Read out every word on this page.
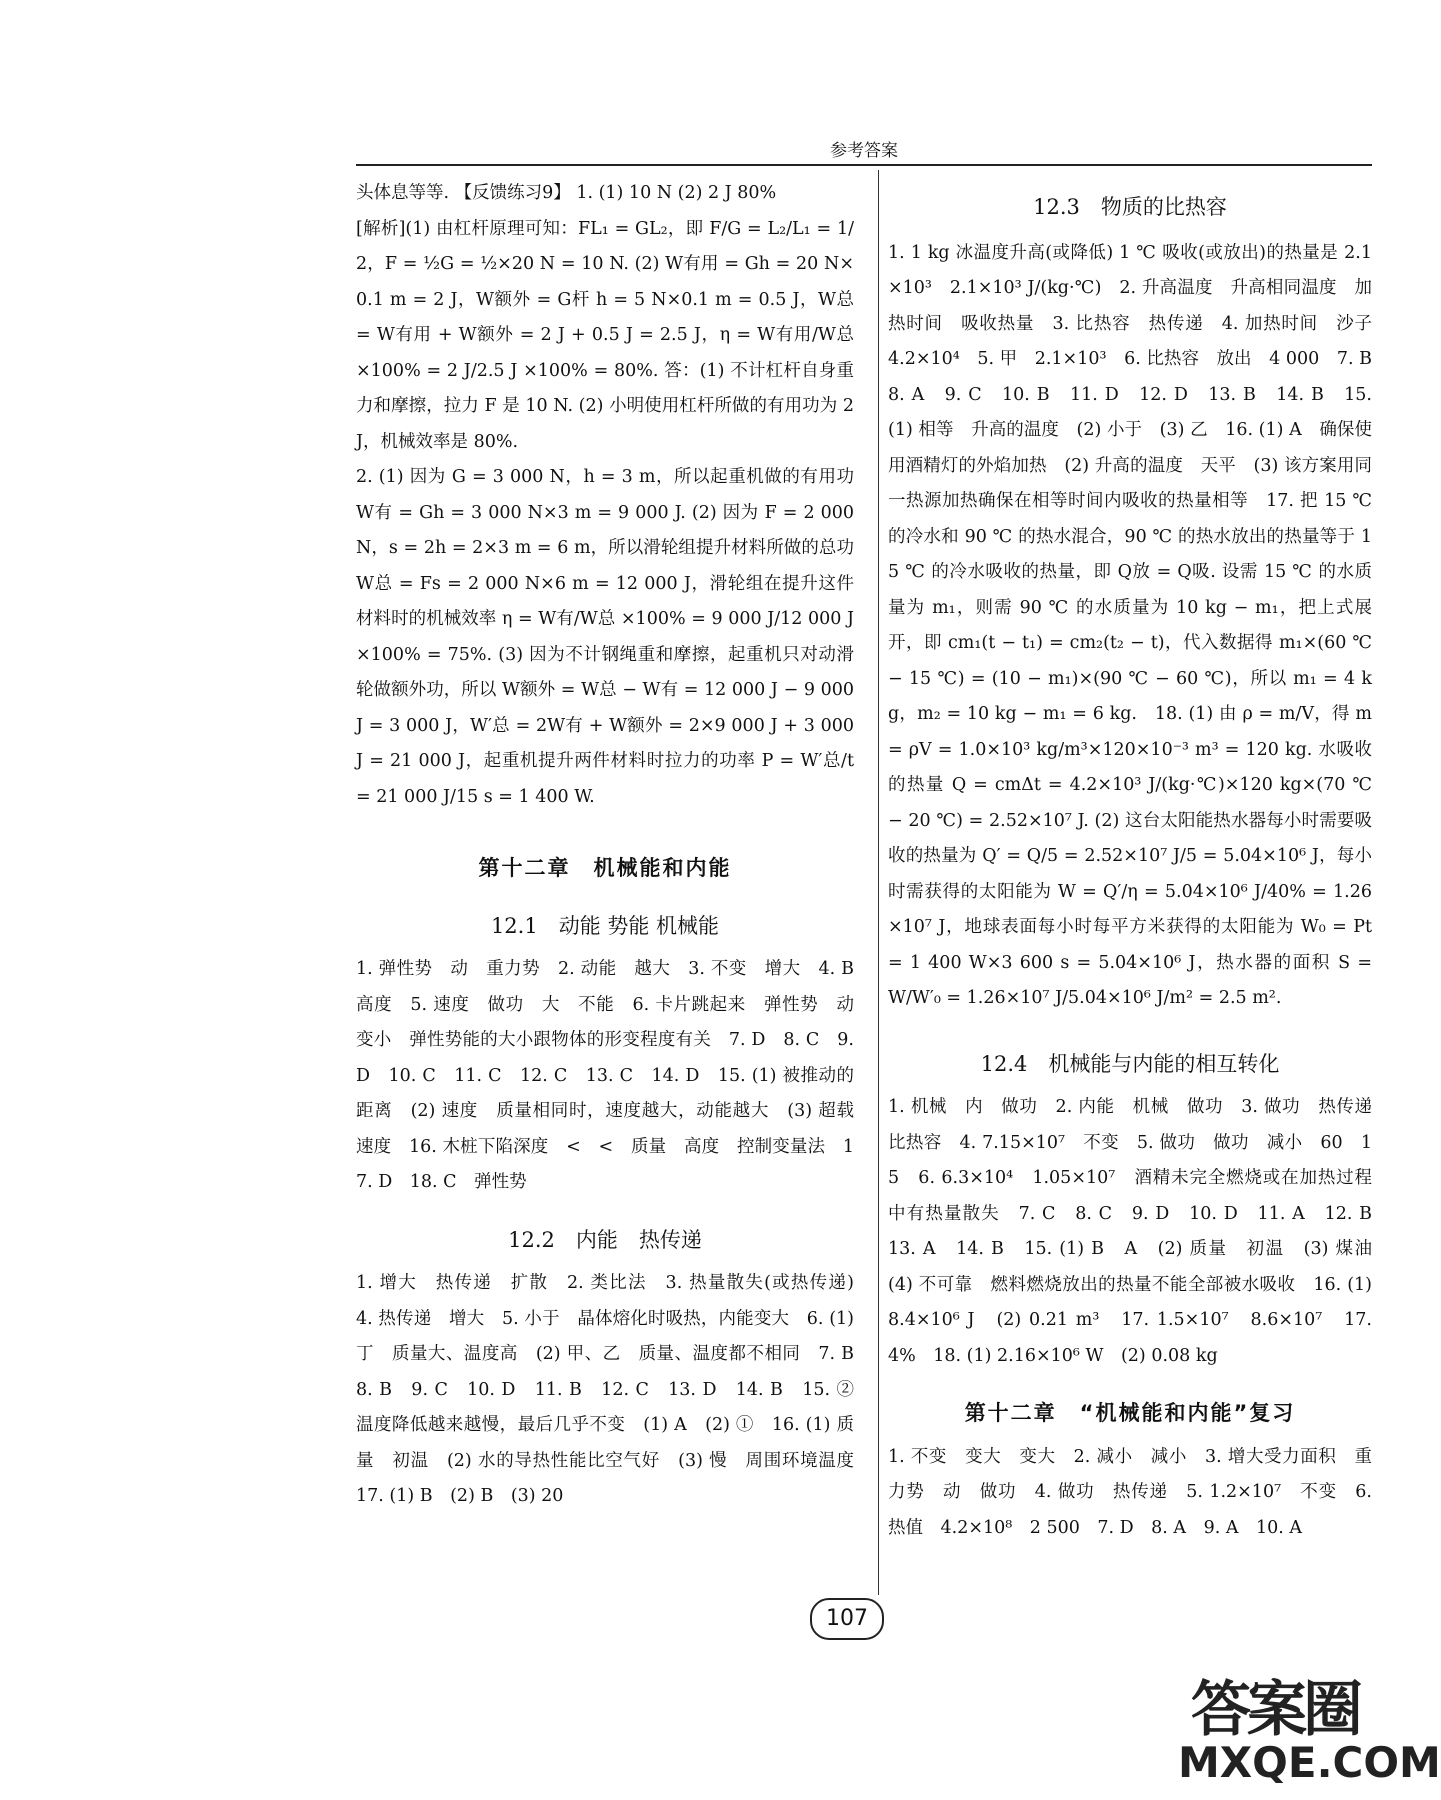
参考答案

头体息等等. 【反馈练习9】 1. (1) 10 N (2) 2 J 80%

[解析](1) 由杠杆原理可知：FL₁ = GL₂，即 F/G = L₂/L₁ = 1/2，F = ½G = ½×20 N = 10 N. (2) W有用 = Gh = 20 N×0.1 m = 2 J，W额外 = G杆 h = 5 N×0.1 m = 0.5 J，W总 = W有用 + W额外 = 2 J + 0.5 J = 2.5 J，η = W有用/W总 ×100% = 2 J/2.5 J ×100% = 80%. 答：(1) 不计杠杆自身重力和摩擦，拉力 F 是 10 N. (2) 小明使用杠杆所做的有用功为 2 J，机械效率是 80%.

2. (1) 因为 G = 3 000 N，h = 3 m，所以起重机做的有用功 W有 = Gh = 3 000 N×3 m = 9 000 J. (2) 因为 F = 2 000 N，s = 2h = 2×3 m = 6 m，所以滑轮组提升材料所做的总功 W总 = Fs = 2 000 N×6 m = 12 000 J，滑轮组在提升这件材料时的机械效率 η = W有/W总 ×100% = 9 000 J/12 000 J ×100% = 75%. (3) 因为不计钢绳重和摩擦，起重机只对动滑轮做额外功，所以 W额外 = W总 − W有 = 12 000 J − 9 000 J = 3 000 J，W′总 = 2W有 + W额外 = 2×9 000 J + 3 000 J = 21 000 J，起重机提升两件材料时拉力的功率 P = W′总/t = 21 000 J/15 s = 1 400 W.

第十二章　机械能和内能

12.1　动能 势能 机械能

1. 弹性势　动　重力势　2. 动能　越大　3. 不变　增大　4. B　高度　5. 速度　做功　大　不能　6. 卡片跳起来　弹性势　动　变小　弹性势能的大小跟物体的形变程度有关　7. D　8. C　9. D　10. C　11. C　12. C　13. C　14. D　15. (1) 被推动的距离　(2) 速度　质量相同时，速度越大，动能越大　(3) 超载　速度　16. 木桩下陷深度　<　<　质量　高度　控制变量法　17. D　18. C　弹性势

12.2　内能　热传递

1. 增大　热传递　扩散　2. 类比法　3. 热量散失(或热传递)　4. 热传递　增大　5. 小于　晶体熔化时吸热，内能变大　6. (1) 丁　质量大、温度高　(2) 甲、乙　质量、温度都不相同　7. B　8. B　9. C　10. D　11. B　12. C　13. D　14. B　15. ②　温度降低越来越慢，最后几乎不变　(1) A　(2) ①　16. (1) 质量　初温　(2) 水的导热性能比空气好　(3) 慢　周围环境温度　17. (1) B　(2) B　(3) 20

12.3　物质的比热容

1. 1 kg 冰温度升高(或降低) 1 ℃ 吸收(或放出)的热量是 2.1×10³　2.1×10³ J/(kg·℃)　2. 升高温度　升高相同温度　加热时间　吸收热量　3. 比热容　热传递　4. 加热时间　沙子　4.2×10⁴　5. 甲　2.1×10³　6. 比热容　放出　4 000　7. B　8. A　9. C　10. B　11. D　12. D　13. B　14. B　15. (1) 相等　升高的温度　(2) 小于　(3) 乙　16. (1) A　确保使用酒精灯的外焰加热　(2) 升高的温度　天平　(3) 该方案用同一热源加热确保在相等时间内吸收的热量相等　17. 把 15 ℃ 的冷水和 90 ℃ 的热水混合，90 ℃ 的热水放出的热量等于 15 ℃ 的冷水吸收的热量，即 Q放 = Q吸. 设需 15 ℃ 的水质量为 m₁，则需 90 ℃ 的水质量为 10 kg − m₁，把上式展开，即 cm₁(t − t₁) = cm₂(t₂ − t)，代入数据得 m₁×(60 ℃ − 15 ℃) = (10 − m₁)×(90 ℃ − 60 ℃)，所以 m₁ = 4 kg，m₂ = 10 kg − m₁ = 6 kg.　18. (1) 由 ρ = m/V，得 m = ρV = 1.0×10³ kg/m³×120×10⁻³ m³ = 120 kg. 水吸收的热量 Q = cmΔt = 4.2×10³ J/(kg·℃)×120 kg×(70 ℃ − 20 ℃) = 2.52×10⁷ J. (2) 这台太阳能热水器每小时需要吸收的热量为 Q′ = Q/5 = 2.52×10⁷ J/5 = 5.04×10⁶ J，每小时需获得的太阳能为 W = Q′/η = 5.04×10⁶ J/40% = 1.26×10⁷ J，地球表面每小时每平方米获得的太阳能为 W₀ = Pt = 1 400 W×3 600 s = 5.04×10⁶ J，热水器的面积 S = W/W′₀ = 1.26×10⁷ J/5.04×10⁶ J/m² = 2.5 m².

12.4　机械能与内能的相互转化

1. 机械　内　做功　2. 内能　机械　做功　3. 做功　热传递　比热容　4. 7.15×10⁷　不变　5. 做功　做功　减小　60　15　6. 6.3×10⁴　1.05×10⁷　酒精未完全燃烧或在加热过程中有热量散失　7. C　8. C　9. D　10. D　11. A　12. B　13. A　14. B　15. (1) B　A　(2) 质量　初温　(3) 煤油　(4) 不可靠　燃料燃烧放出的热量不能全部被水吸收　16. (1) 8.4×10⁶ J　(2) 0.21 m³　17. 1.5×10⁷　8.6×10⁷　17.4%　18. (1) 2.16×10⁶ W　(2) 0.08 kg

第十二章　“机械能和内能”复习

1. 不变　变大　变大　2. 减小　减小　3. 增大受力面积　重力势　动　做功　4. 做功　热传递　5. 1.2×10⁷　不变　6. 热值　4.2×10⁸　2 500　7. D　8. A　9. A　10. A

107
答案圈
MXQE.COM
